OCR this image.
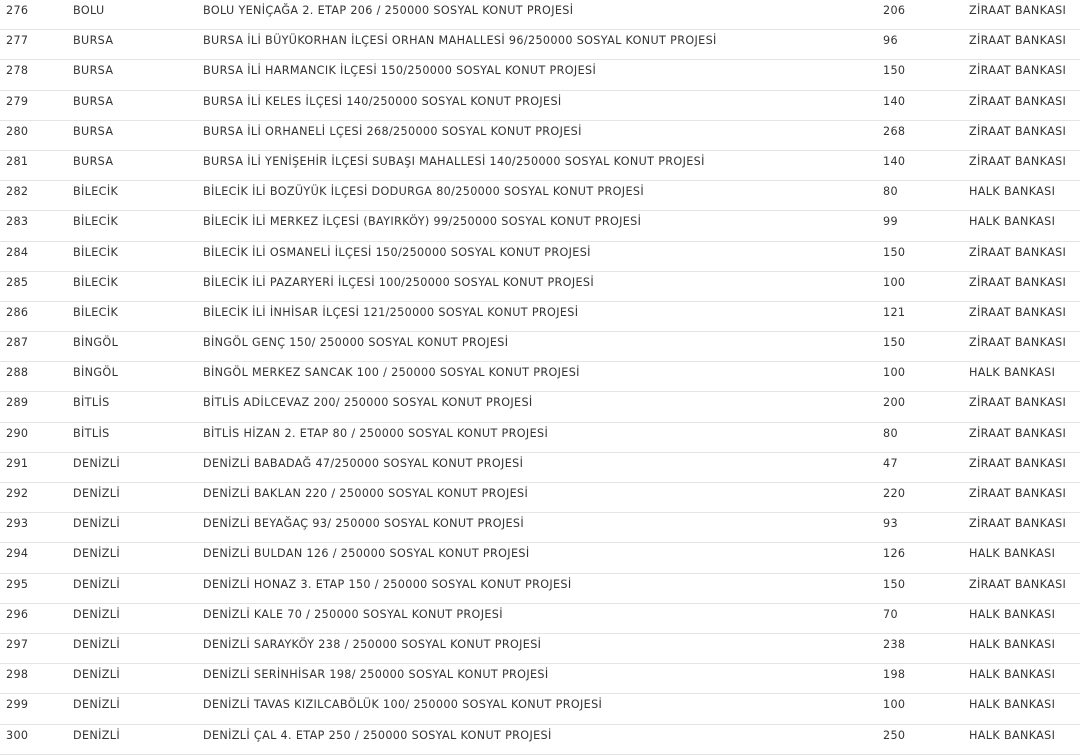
276	BOLU	BOLU YENİÇAĞA 2. ETAP 206 / 250000 SOSYAL KONUT PROJESİ	206	ZİRAAT BANKASI
277	BURSA	BURSA İLİ BÜYÜKORHAN İLÇESİ ORHAN MAHALLESİ 96/250000 SOSYAL KONUT PROJESİ	96	ZİRAAT BANKASI
278	BURSA	BURSA İLİ HARMANCIK İLÇESİ 150/250000 SOSYAL KONUT PROJESİ	150	ZİRAAT BANKASI
279	BURSA	BURSA İLİ KELES İLÇESİ 140/250000 SOSYAL KONUT PROJESİ	140	ZİRAAT BANKASI
280	BURSA	BURSA İLİ ORHANELİ LÇESİ 268/250000 SOSYAL KONUT PROJESİ	268	ZİRAAT BANKASI
281	BURSA	BURSA İLİ YENİŞEHİR İLÇESİ SUBAŞI MAHALLESİ 140/250000 SOSYAL KONUT PROJESİ	140	ZİRAAT BANKASI
282	BİLECİK	BİLECİK İLİ BOZÜYÜK İLÇESİ DODURGA 80/250000 SOSYAL KONUT PROJESİ	80	HALK BANKASI
283	BİLECİK	BİLECİK İLİ MERKEZ İLÇESİ (BAYIRKÖY) 99/250000 SOSYAL KONUT PROJESİ	99	HALK BANKASI
284	BİLECİK	BİLECİK İLİ OSMANELİ İLÇESİ 150/250000 SOSYAL KONUT PROJESİ	150	ZİRAAT BANKASI
285	BİLECİK	BİLECİK İLİ PAZARYERİ İLÇESİ 100/250000 SOSYAL KONUT PROJESİ	100	ZİRAAT BANKASI
286	BİLECİK	BİLECİK İLİ İNHİSAR İLÇESİ 121/250000 SOSYAL KONUT PROJESİ	121	ZİRAAT BANKASI
287	BİNGÖL	BİNGÖL GENÇ 150/ 250000 SOSYAL KONUT PROJESİ	150	ZİRAAT BANKASI
288	BİNGÖL	BİNGÖL MERKEZ SANCAK 100 / 250000 SOSYAL KONUT PROJESİ	100	HALK BANKASI
289	BİTLİS	BİTLİS ADİLCEVAZ 200/ 250000 SOSYAL KONUT PROJESİ	200	ZİRAAT BANKASI
290	BİTLİS	BİTLİS HİZAN 2. ETAP 80 / 250000 SOSYAL KONUT PROJESİ	80	ZİRAAT BANKASI
291	DENİZLİ	DENİZLİ BABADAĞ 47/250000 SOSYAL KONUT PROJESİ	47	ZİRAAT BANKASI
292	DENİZLİ	DENİZLİ BAKLAN 220 / 250000 SOSYAL KONUT PROJESİ	220	ZİRAAT BANKASI
293	DENİZLİ	DENİZLİ BEYAĞAÇ 93/ 250000 SOSYAL KONUT PROJESİ	93	ZİRAAT BANKASI
294	DENİZLİ	DENİZLİ BULDAN 126 / 250000 SOSYAL KONUT PROJESİ	126	HALK BANKASI
295	DENİZLİ	DENİZLİ HONAZ 3. ETAP 150 / 250000 SOSYAL KONUT PROJESİ	150	ZİRAAT BANKASI
296	DENİZLİ	DENİZLİ KALE 70 / 250000 SOSYAL KONUT PROJESİ	70	HALK BANKASI
297	DENİZLİ	DENİZLİ SARAYKÖY 238 / 250000 SOSYAL KONUT PROJESİ	238	HALK BANKASI
298	DENİZLİ	DENİZLİ SERİNHİSAR 198/ 250000 SOSYAL KONUT PROJESİ	198	HALK BANKASI
299	DENİZLİ	DENİZLİ TAVAS KIZILCABÖLÜK 100/ 250000 SOSYAL KONUT PROJESİ	100	HALK BANKASI
300	DENİZLİ	DENİZLİ ÇAL 4. ETAP 250 / 250000 SOSYAL KONUT PROJESİ	250	HALK BANKASI
